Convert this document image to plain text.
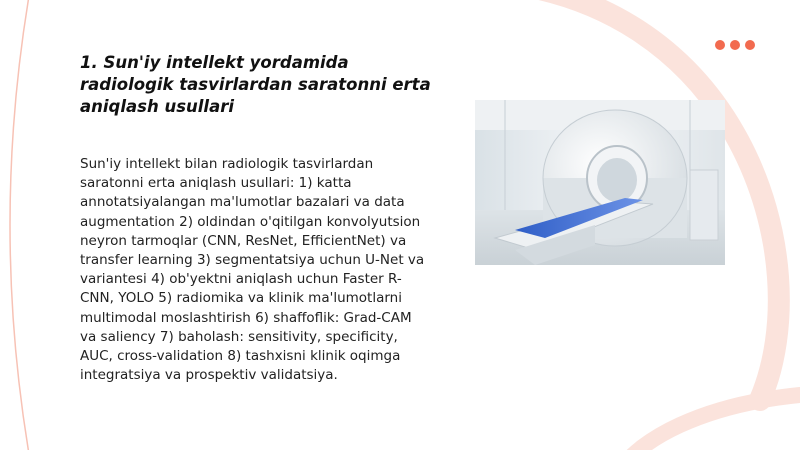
1. Sun'iy intellekt yordamida radiologik tasvirlardan saratonni erta aniqlash usullari

Sun'iy intellekt bilan radiologik tasvirlardan saratonni erta aniqlash usullari: 1) katta annotatsiyalangan ma'lumotlar bazalari va data augmentation 2) oldindan o'qitilgan konvolyutsion neyron tarmoqlar (CNN, ResNet, EfficientNet) va transfer learning 3) segmentatsiya uchun U-Net va variantesi 4) ob'yektni aniqlash uchun Faster R-CNN, YOLO 5) radiomika va klinik ma'lumotlarni multimodal moslashtirish 6) shaffoflik: Grad-CAM va saliency 7) baholash: sensitivity, specificity, AUC, cross-validation 8) tashxisni klinik oqimga integratsiya va prospektiv validatsiya.
